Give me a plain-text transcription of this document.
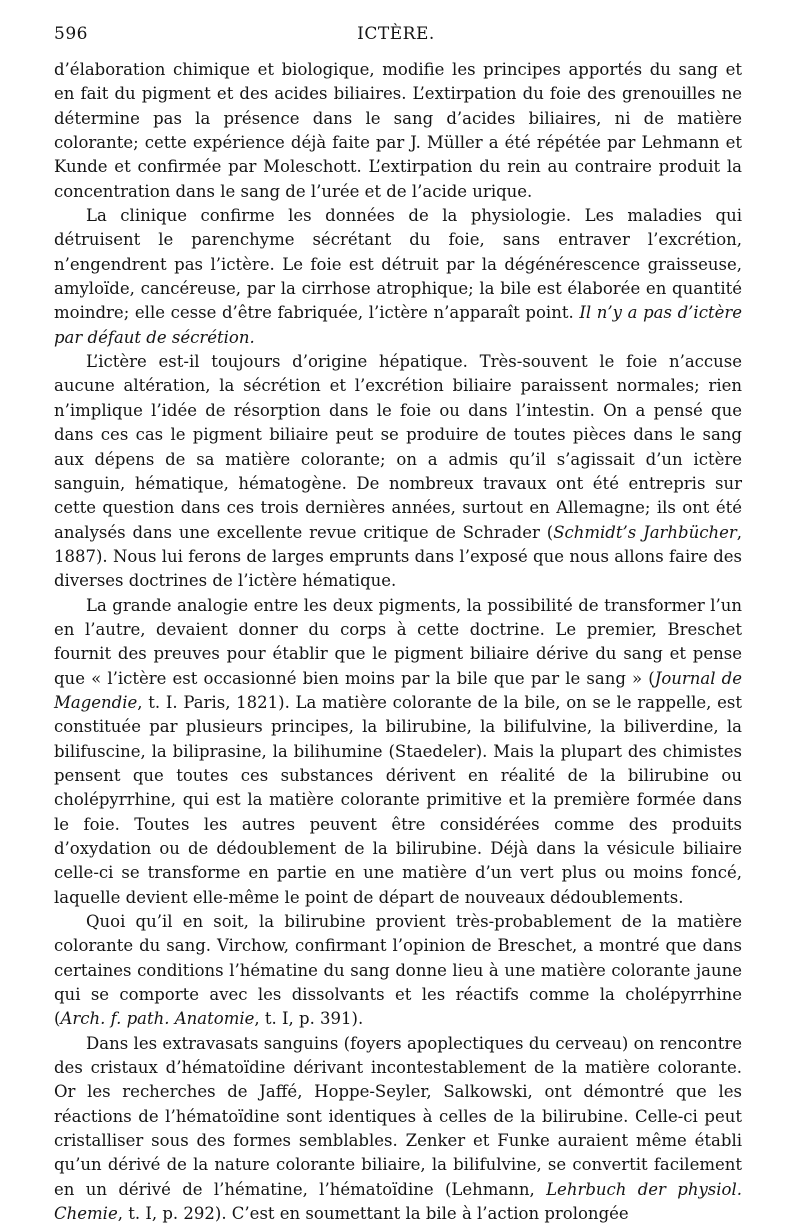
596	ICTÈRE.

d’élaboration chimique et biologique, modifie les principes apportés du sang et en fait du pigment et des acides biliaires. L’extirpation du foie des grenouilles ne détermine pas la présence dans le sang d’acides biliaires, ni de matière colorante; cette expérience déjà faite par J. Müller a été répétée par Lehmann et Kunde et confirmée par Moleschott. L’extirpation du rein au contraire produit la concentration dans le sang de l’urée et de l’acide urique.

La clinique confirme les données de la physiologie. Les maladies qui détruisent le parenchyme sécrétant du foie, sans entraver l’excrétion, n’engendrent pas l’ictère. Le foie est détruit par la dégénérescence graisseuse, amyloïde, cancéreuse, par la cirrhose atrophique; la bile est élaborée en quantité moindre; elle cesse d’être fabriquée, l’ictère n’apparaît point. Il n’y a pas d’ictère par défaut de sécrétion.

L’ictère est-il toujours d’origine hépatique. Très-souvent le foie n’accuse aucune altération, la sécrétion et l’excrétion biliaire paraissent normales; rien n’implique l’idée de résorption dans le foie ou dans l’intestin. On a pensé que dans ces cas le pigment biliaire peut se produire de toutes pièces dans le sang aux dépens de sa matière colorante; on a admis qu’il s’agissait d’un ictère sanguin, hématique, hématogène. De nombreux travaux ont été entrepris sur cette question dans ces trois dernières années, surtout en Allemagne; ils ont été analysés dans une excellente revue critique de Schrader (Schmidt’s Jarhbücher, 1887). Nous lui ferons de larges emprunts dans l’exposé que nous allons faire des diverses doctrines de l’ictère hématique.

La grande analogie entre les deux pigments, la possibilité de transformer l’un en l’autre, devaient donner du corps à cette doctrine. Le premier, Breschet fournit des preuves pour établir que le pigment biliaire dérive du sang et pense que « l’ictère est occasionné bien moins par la bile que par le sang » (Journal de Magendie, t. I. Paris, 1821). La matière colorante de la bile, on se le rappelle, est constituée par plusieurs principes, la bilirubine, la bilifulvine, la biliverdine, la bilifuscine, la biliprasine, la bilihumine (Staedeler). Mais la plupart des chimistes pensent que toutes ces substances dérivent en réalité de la bilirubine ou cholépyrrhine, qui est la matière colorante primitive et la première formée dans le foie. Toutes les autres peuvent être considérées comme des produits d’oxydation ou de dédoublement de la bilirubine. Déjà dans la vésicule biliaire celle-ci se transforme en partie en une matière d’un vert plus ou moins foncé, laquelle devient elle-même le point de départ de nouveaux dédoublements.

Quoi qu’il en soit, la bilirubine provient très-probablement de la matière colorante du sang. Virchow, confirmant l’opinion de Breschet, a montré que dans certaines conditions l’hématine du sang donne lieu à une matière colorante jaune qui se comporte avec les dissolvants et les réactifs comme la cholépyrrhine (Arch. f. path. Anatomie, t. I, p. 391).

Dans les extravasats sanguins (foyers apoplectiques du cerveau) on rencontre des cristaux d’hématoïdine dérivant incontestablement de la matière colorante. Or les recherches de Jaffé, Hoppe-Seyler, Salkowski, ont démontré que les réactions de l’hématoïdine sont identiques à celles de la bilirubine. Celle-ci peut cristalliser sous des formes semblables. Zenker et Funke auraient même établi qu’un dérivé de la nature colorante biliaire, la bilifulvine, se convertit facilement en un dérivé de l’hématine, l’hématoïdine (Lehmann, Lehrbuch der physiol. Chemie, t. I, p. 292). C’est en soumettant la bile à l’action prolongée
